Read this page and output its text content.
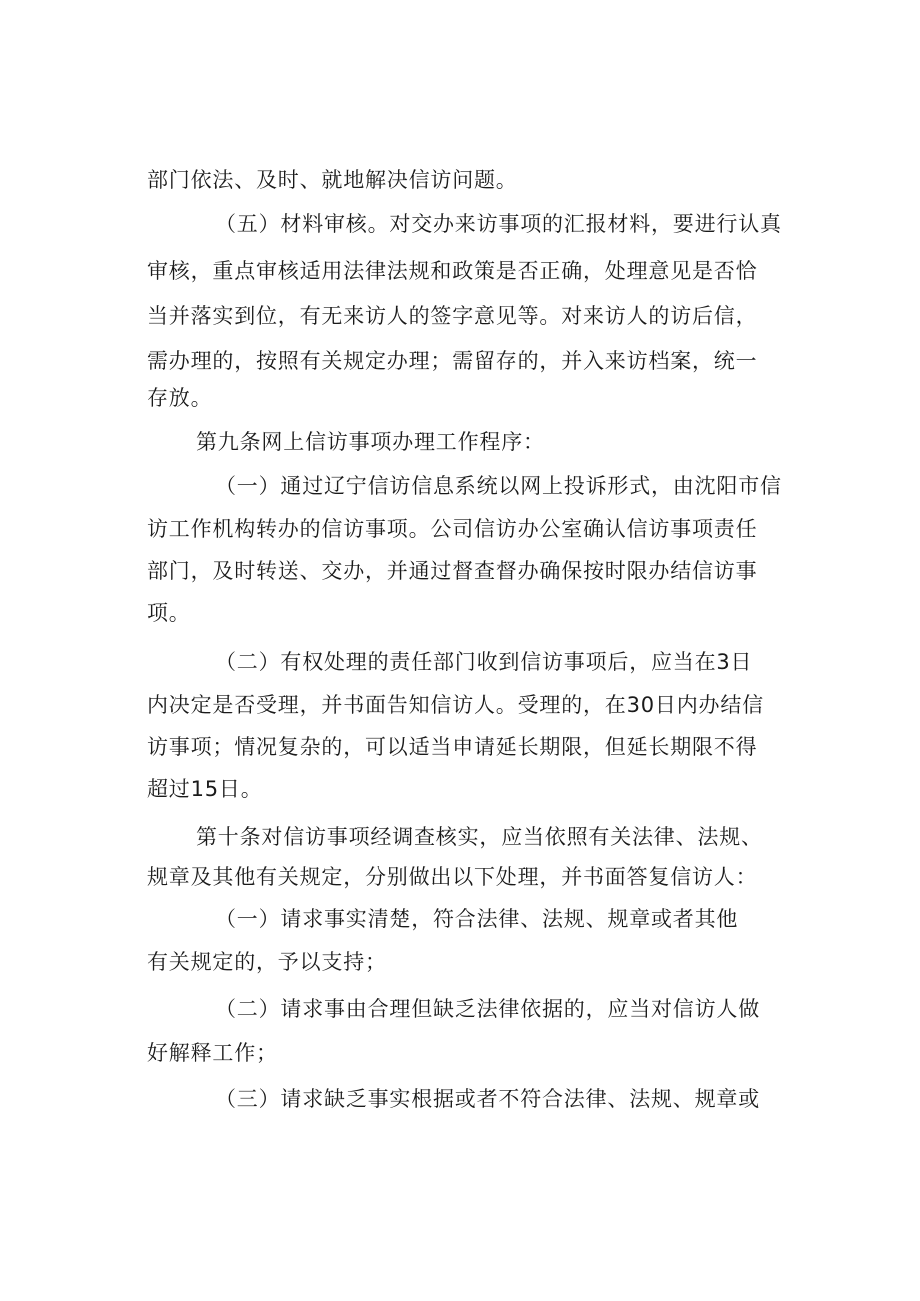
部门依法、及时、就地解决信访问题。

（五）材料审核。对交办来访事项的汇报材料，要进行认真

审核，重点审核适用法律法规和政策是否正确，处理意见是否恰

当并落实到位，有无来访人的签字意见等。对来访人的访后信，

需办理的，按照有关规定办理；需留存的，并入来访档案，统一

存放。

第九条网上信访事项办理工作程序：

（一）通过辽宁信访信息系统以网上投诉形式，由沈阳市信

访工作机构转办的信访事项。公司信访办公室确认信访事项责任

部门，及时转送、交办，并通过督查督办确保按时限办结信访事

项。

（二）有权处理的责任部门收到信访事项后，应当在3日

内决定是否受理，并书面告知信访人。受理的，在30日内办结信

访事项；情况复杂的，可以适当申请延长期限，但延长期限不得

超过15日。

第十条对信访事项经调查核实，应当依照有关法律、法规、

规章及其他有关规定，分别做出以下处理，并书面答复信访人：

（一）请求事实清楚，符合法律、法规、规章或者其他

有关规定的，予以支持；

（二）请求事由合理但缺乏法律依据的，应当对信访人做

好解释工作；

（三）请求缺乏事实根据或者不符合法律、法规、规章或
